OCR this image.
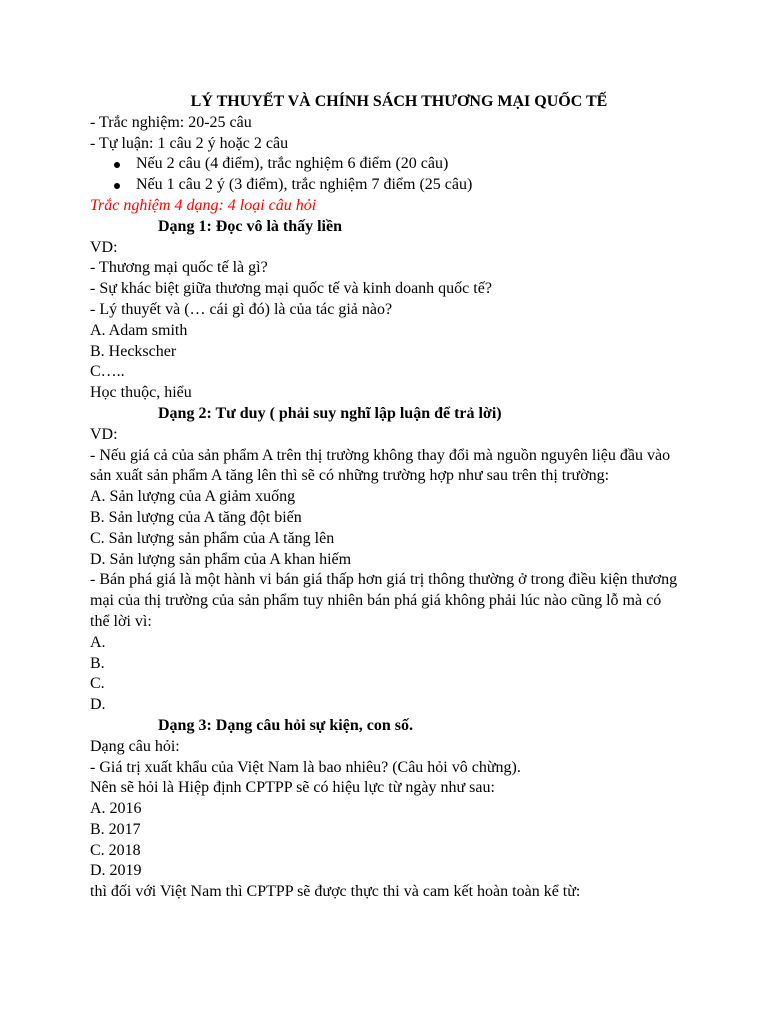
LÝ THUYẾT VÀ CHÍNH SÁCH THƯƠNG MẠI QUỐC TẾ
- Trắc nghiệm: 20-25 câu
- Tự luận: 1 câu 2 ý hoặc 2 câu
Nếu 2 câu (4 điểm), trắc nghiệm 6 điểm (20 câu)
Nếu 1 câu 2 ý (3 điểm), trắc nghiệm 7 điểm (25 câu)
Trắc nghiệm 4 dạng: 4 loại câu hỏi
Dạng 1: Đọc vô là thấy liền
VD:
- Thương mại quốc tế là gì?
- Sự khác biệt giữa thương mại quốc tế và kinh doanh quốc tế?
- Lý thuyết và (… cái gì đó) là của tác giả nào?
A. Adam smith
B. Heckscher
C…..
Học thuộc, hiểu
Dạng 2: Tư duy ( phải suy nghĩ lập luận để trả lời)
VD:

- Nếu giá cả của sản phẩm A trên thị trường không thay đổi mà nguồn nguyên liệu đầu vào sản xuất sản phẩm A tăng lên thì sẽ có những trường hợp như sau trên thị trường:

A. Sản lượng của A giảm xuống
B. Sản lượng của A tăng đột biến
C. Sản lượng sản phẩm của A tăng lên
D. Sản lượng sản phẩm của A khan hiếm

- Bán phá giá là một hành vi bán giá thấp hơn giá trị thông thường ở trong điều kiện thương mại của thị trường của sản phẩm tuy nhiên bán phá giá không phải lúc nào cũng lỗ mà có thể lời vì:

A.
B.
C.
D.
Dạng 3: Dạng câu hỏi sự kiện, con số.
Dạng câu hỏi:
- Giá trị xuất khẩu của Việt Nam là bao nhiêu? (Câu hỏi vô chừng).
Nên sẽ hỏi là Hiệp định CPTPP sẽ có hiệu lực từ ngày như sau:
A. 2016
B. 2017
C. 2018
D. 2019
thì đối với Việt Nam thì CPTPP sẽ được thực thi và cam kết hoàn toàn kể từ:
